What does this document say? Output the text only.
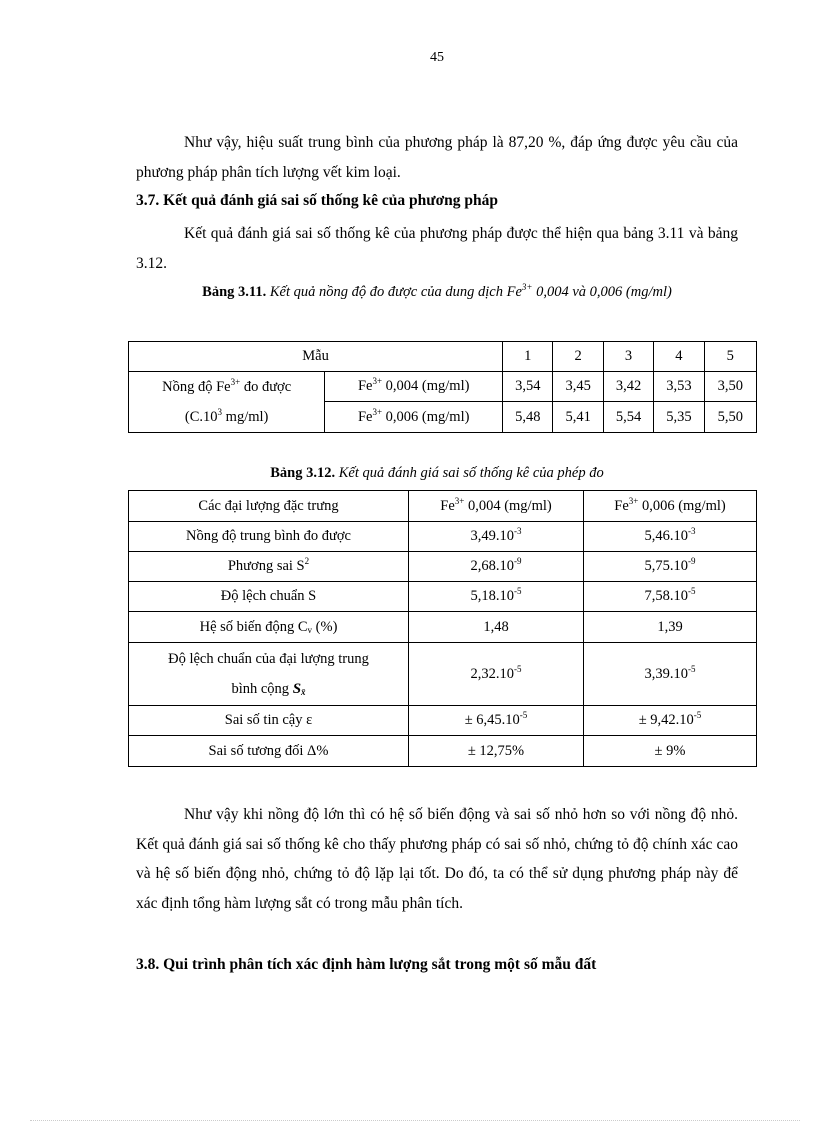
45
Như vậy, hiệu suất trung bình của phương pháp là 87,20 %, đáp ứng được yêu cầu của phương pháp phân tích lượng vết kim loại.
3.7. Kết quả đánh giá sai số thống kê của phương pháp
Kết quả đánh giá sai số thống kê của phương pháp được thể hiện qua bảng 3.11 và bảng 3.12.
Bảng 3.11. Kết quả nồng độ đo được của dung dịch $Fe^{3+}$ 0,004 và 0,006 (mg/ml)
Mẫu		1	2	3	4	5
Nồng độ $Fe^{3+}$ đo được
($C.10^3$ mg/ml)	$Fe^{3+}$ 0,004 (mg/ml)	3,54	3,45	3,42	3,53	3,50
	$Fe^{3+}$ 0,006 (mg/ml)	5,48	5,41	5,54	5,35	5,50
Bảng 3.12. Kết quả đánh giá sai số thống kê của phép đo
Các đại lượng đặc trưng	$Fe^{3+}$ 0,004 (mg/ml)	$Fe^{3+}$ 0,006 (mg/ml)
Nồng độ trung bình đo được	$3,49.10^{-3}$	$5,46.10^{-3}$
Phương sai $S^2$	$2,68.10^{-9}$	$5,75.10^{-9}$
Độ lệch chuẩn S	$5,18.10^{-5}$	$7,58.10^{-5}$
Hệ số biến động $C_v$ (%)	1,48	1,39
Độ lệch chuẩn của đại lượng trung
bình cộng $S_{x̄}$	$2,32.10^{-5}$	$3,39.10^{-5}$
Sai số tin cậy ε	± $6,45.10^{-5}$	± $9,42.10^{-5}$
Sai số tương đối Δ%	± 12,75%	± 9%
Như vậy khi nồng độ lớn thì có hệ số biến động và sai số nhỏ hơn so với nồng độ nhỏ. Kết quả đánh giá sai số thống kê cho thấy phương pháp có sai số nhỏ, chứng tỏ độ chính xác cao và hệ số biến động nhỏ, chứng tỏ độ lặp lại tốt. Do đó, ta có thể sử dụng phương pháp này để xác định tổng hàm lượng sắt có trong mẫu phân tích.
3.8. Qui trình phân tích xác định hàm lượng sắt trong một số mẫu đất
